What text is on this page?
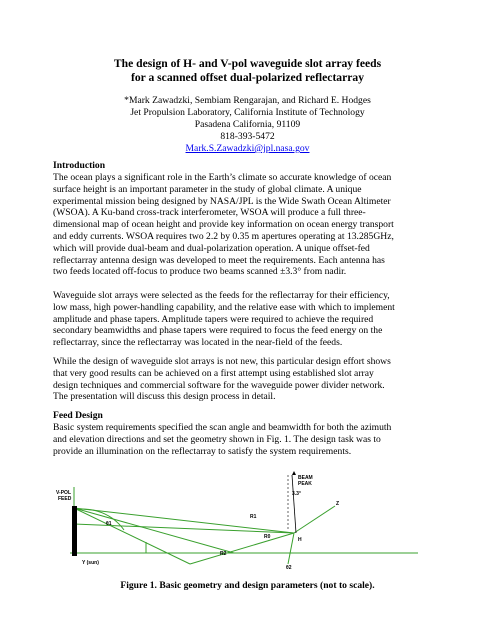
The design of H- and V-pol waveguide slot array feeds

for a scanned offset dual-polarized reflectarray

*Mark Zawadzki, Sembiam Rengarajan, and Richard E. Hodges

Jet Propulsion Laboratory, California Institute of Technology

Pasadena California, 91109

818-393-5472

Mark.S.Zawadzki@jpl.nasa.gov

Introduction

The ocean plays a significant role in the Earth’s climate so accurate knowledge of ocean
surface height is an important parameter in the study of global climate. A unique
experimental mission being designed by NASA/JPL is the Wide Swath Ocean Altimeter
(WSOA). A Ku-band cross-track interferometer, WSOA will produce a full three-
dimensional map of ocean height and provide key information on ocean energy transport
and eddy currents. WSOA requires two 2.2 by 0.35 m apertures operating at 13.285GHz,
which will provide dual-beam and dual-polarization operation. A unique offset-fed
reflectarray antenna design was developed to meet the requirements. Each antenna has
two feeds located off-focus to produce two beams scanned ±3.3° from nadir.
Waveguide slot arrays were selected as the feeds for the reflectarray for their efficiency,
low mass, high power-handling capability, and the relative ease with which to implement
amplitude and phase tapers. Amplitude tapers were required to achieve the required
secondary beamwidths and phase tapers were required to focus the feed energy on the
reflectarray, since the reflectarray was located in the near-field of the feeds.
While the design of waveguide slot arrays is not new, this particular design effort shows
that very good results can be achieved on a first attempt using established slot array
design techniques and commercial software for the waveguide power divider network.
The presentation will discuss this design process in detail.

Feed Design

Basic system requirements specified the scan angle and beamwidth for both the azimuth
and elevation directions and set the geometry shown in Fig. 1. The design task was to
provide an illumination on the reflectarray to satisfy the system requirements.
BEAM
PEAK
3.3°
V-POL
FEED
θ1
R1
R0
R2
θ2
Y (sun)
H
Z

Figure 1. Basic geometry and design parameters (not to scale).
